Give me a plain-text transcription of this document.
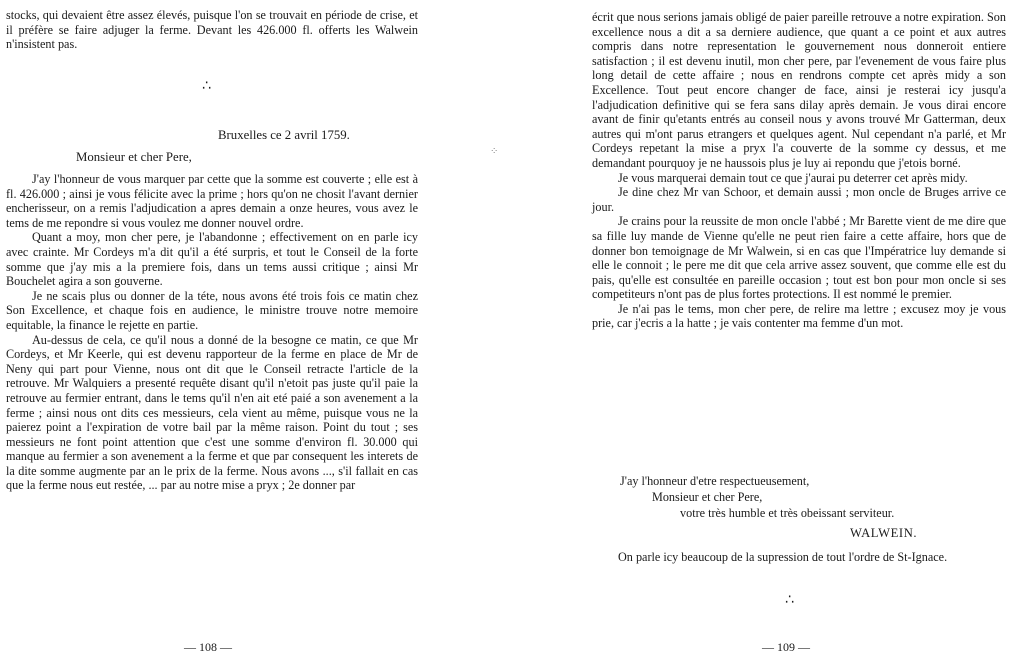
stocks, qui devaient être assez élevés, puisque l'on se trouvait en période de crise, et il préfère se faire adjuger la ferme. Devant les 426.000 fl. offerts les Walwein n'insistent pas.

∴
Bruxelles ce 2 avril 1759.
Monsieur et cher Pere,

J'ay l'honneur de vous marquer par cette que la somme est couverte ; elle est à fl. 426.000 ; ainsi je vous félicite avec la prime ; hors qu'on ne chosit l'avant dernier encherisseur, on a remis l'adjudication a apres demain a onze heures, vous avez le tems de me repondre si vous voulez me donner nouvel ordre.

Quant a moy, mon cher pere, je l'abandonne ; effectivement on en parle icy avec crainte. Mr Cordeys m'a dit qu'il a été surpris, et tout le Conseil de la forte somme que j'ay mis a la premiere fois, dans un tems aussi critique ; ainsi Mr Bouchelet agira a son gouverne.

Je ne scais plus ou donner de la téte, nous avons été trois fois ce matin chez Son Excellence, et chaque fois en audience, le ministre trouve notre memoire equitable, la finance le rejette en partie.

Au-dessus de cela, ce qu'il nous a donné de la besogne ce matin, ce que Mr Cordeys, et Mr Keerle, qui est devenu rapporteur de la ferme en place de Mr de Neny qui part pour Vienne, nous ont dit que le Conseil retracte l'article de la retrouve. Mr Walquiers a presenté requête disant qu'il n'etoit pas juste qu'il paie la retrouve au fermier entrant, dans le tems qu'il n'en ait eté paié a son avenement a la ferme ; ainsi nous ont dits ces messieurs, cela vient au même, puisque vous ne la paierez point a l'expiration de votre bail par la même raison. Point du tout ; ses messieurs ne font point attention que c'est une somme d'environ fl. 30.000 qui manque au fermier a son avenement a la ferme et que par consequent les interets de la dite somme augmente par an le prix de la ferme. Nous avons ..., s'il fallait en cas que la ferme nous eut restée, ... par au notre mise a pryx ; 2e donner par

— 108 —
⁘

écrit que nous serions jamais obligé de paier pareille retrouve a notre expiration. Son excellence nous a dit a sa derniere audience, que quant a ce point et aux autres compris dans notre representation le gouvernement nous donneroit entiere satisfaction ; il est devenu inutil, mon cher pere, par l'evenement de vous faire plus long detail de cette affaire ; nous en rendrons compte cet après midy a son Excellence. Tout peut encore changer de face, ainsi je resterai icy jusqu'a l'adjudication definitive qui se fera sans dilay après demain. Je vous dirai encore avant de finir qu'etants entrés au conseil nous y avons trouvé Mr Gatterman, deux autres qui m'ont parus etrangers et quelques agent. Nul cependant n'a parlé, et Mr Cordeys repetant la mise a pryx l'a couverte de la somme cy dessus, et me demandant pourquoy je ne haussois plus je luy ai repondu que j'etois borné.

Je vous marquerai demain tout ce que j'aurai pu deterrer cet après midy.

Je dine chez Mr van Schoor, et demain aussi ; mon oncle de Bruges arrive ce jour.

Je crains pour la reussite de mon oncle l'abbé ; Mr Barette vient de me dire que sa fille luy mande de Vienne qu'elle ne peut rien faire a cette affaire, hors que de donner bon temoignage de Mr Walwein, si en cas que l'Impératrice luy demande si elle le connoit ; le pere me dit que cela arrive assez souvent, que comme elle est du pais, qu'elle est consultée en pareille occasion ; tout est bon pour mon oncle si ses competiteurs n'ont pas de plus fortes protections. Il est nommé le premier.

Je n'ai pas le tems, mon cher pere, de relire ma lettre ; excusez moy je vous prie, car j'ecris a la hatte ; je vais contenter ma femme d'un mot.

J'ay l'honneur d'etre respectueusement,
Monsieur et cher Pere,
votre très humble et très obeissant serviteur.
WALWEIN.

On parle icy beaucoup de la supression de tout l'ordre de St-Ignace.

∴
— 109 —
